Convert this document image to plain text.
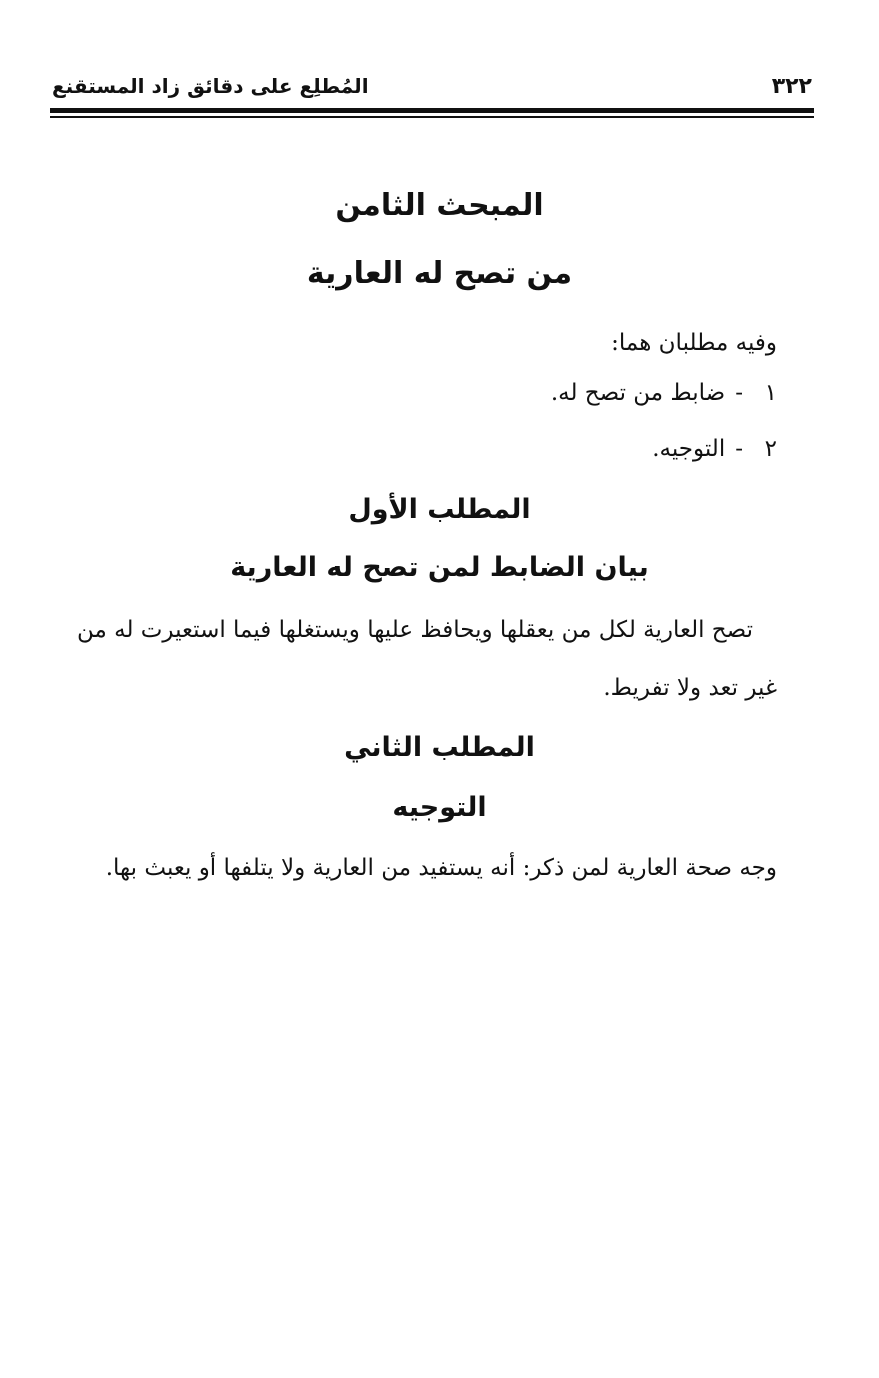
٣٢٢
المُطلِع على دقائق زاد المستقنع
المبحث الثامن
من تصح له العارية
وفيه مطلبان هما:
١-ضابط من تصح له.
٢-التوجيه.
المطلب الأول
بيان الضابط لمن تصح له العارية
تصح العارية لكل من يعقلها ويحافظ عليها ويستغلها فيما استعيرت له من غير تعد ولا تفريط.
المطلب الثاني
التوجيه
وجه صحة العارية لمن ذكر: أنه يستفيد من العارية ولا يتلفها أو يعبث بها.
